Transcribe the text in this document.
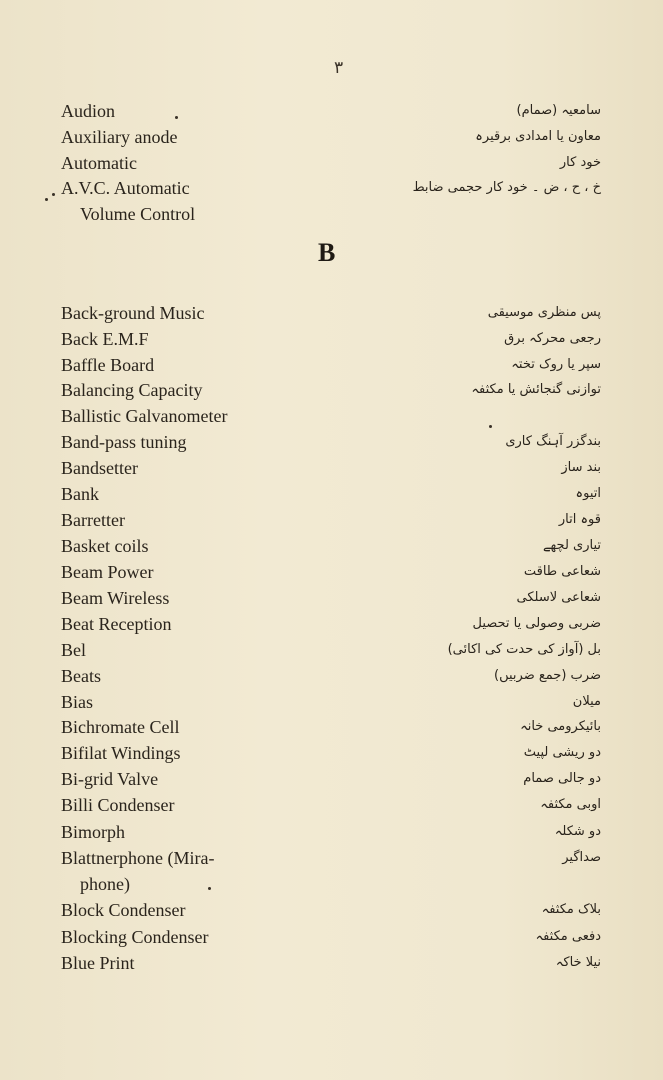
۳
Audion	سامعیہ (صمام)
Auxiliary anode	معاون یا امدادی برقیرہ
Automatic	خود کار
A.V.C. Automatic	خ ، ح ، ض ۔ خود کار حجمی ضابط
Volume Control
B
Back-ground Music	پس منظری موسیقی
Back E.M.F	رجعی محرکہ برق
Baffle Board	سپر یا روک تختہ
Balancing Capacity	توازنی گنجائش یا مکثفہ
Ballistic Galvanometer
Band-pass tuning	بندگزر آہنگ کاری
Bandsetter	بند ساز
Bank	اتیوہ
Barretter	قوہ اتار
Basket coils	تیاری لچھے
Beam Power	شعاعی طاقت
Beam Wireless	شعاعی لاسلکی
Beat Reception	ضربی وصولی یا تحصیل
Bel	بل (آواز کی حدت کی اکائی)
Beats	ضرب (جمع ضربیں)
Bias	میلان
Bichromate Cell	بائیکرومی خانہ
Bifilat Windings	دو ریشی لپیٹ
Bi-grid Valve	دو جالی صمام
Billi Condenser	اوبی مکثفہ
Bimorph	دو شکلہ
Blattnerphone (Mira-	صداگیر
phone)
Block Condenser	بلاک مکثفہ
Blocking Condenser	دفعی مکثفہ
Blue Print	نیلا خاکہ
